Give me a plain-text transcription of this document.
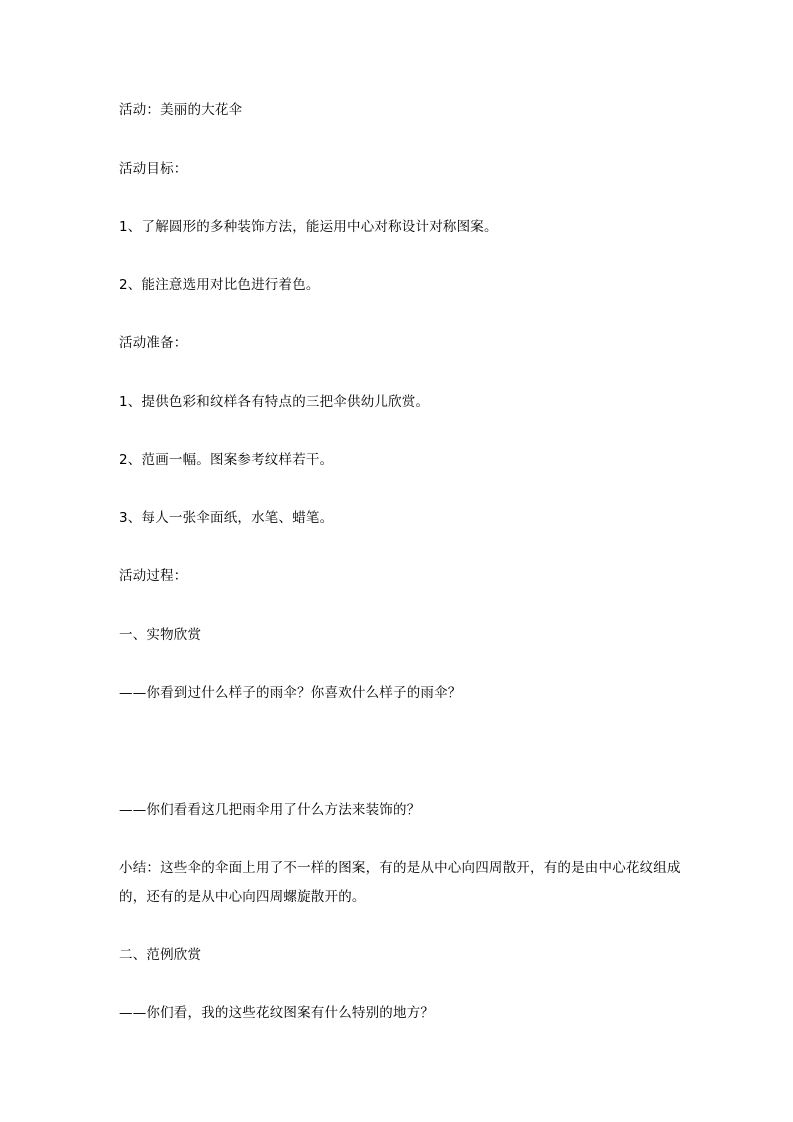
活动：美丽的大花伞
活动目标：
1、了解圆形的多种装饰方法，能运用中心对称设计对称图案。
2、能注意选用对比色进行着色。
活动准备：
1、提供色彩和纹样各有特点的三把伞供幼儿欣赏。
2、范画一幅。图案参考纹样若干。
3、每人一张伞面纸，水笔、蜡笔。
活动过程：
一、实物欣赏
——你看到过什么样子的雨伞？你喜欢什么样子的雨伞？
——你们看看这几把雨伞用了什么方法来装饰的？
小结：这些伞的伞面上用了不一样的图案，有的是从中心向四周散开，有的是由中心花纹组成的，还有的是从中心向四周螺旋散开的。
二、范例欣赏
——你们看，我的这些花纹图案有什么特别的地方？
